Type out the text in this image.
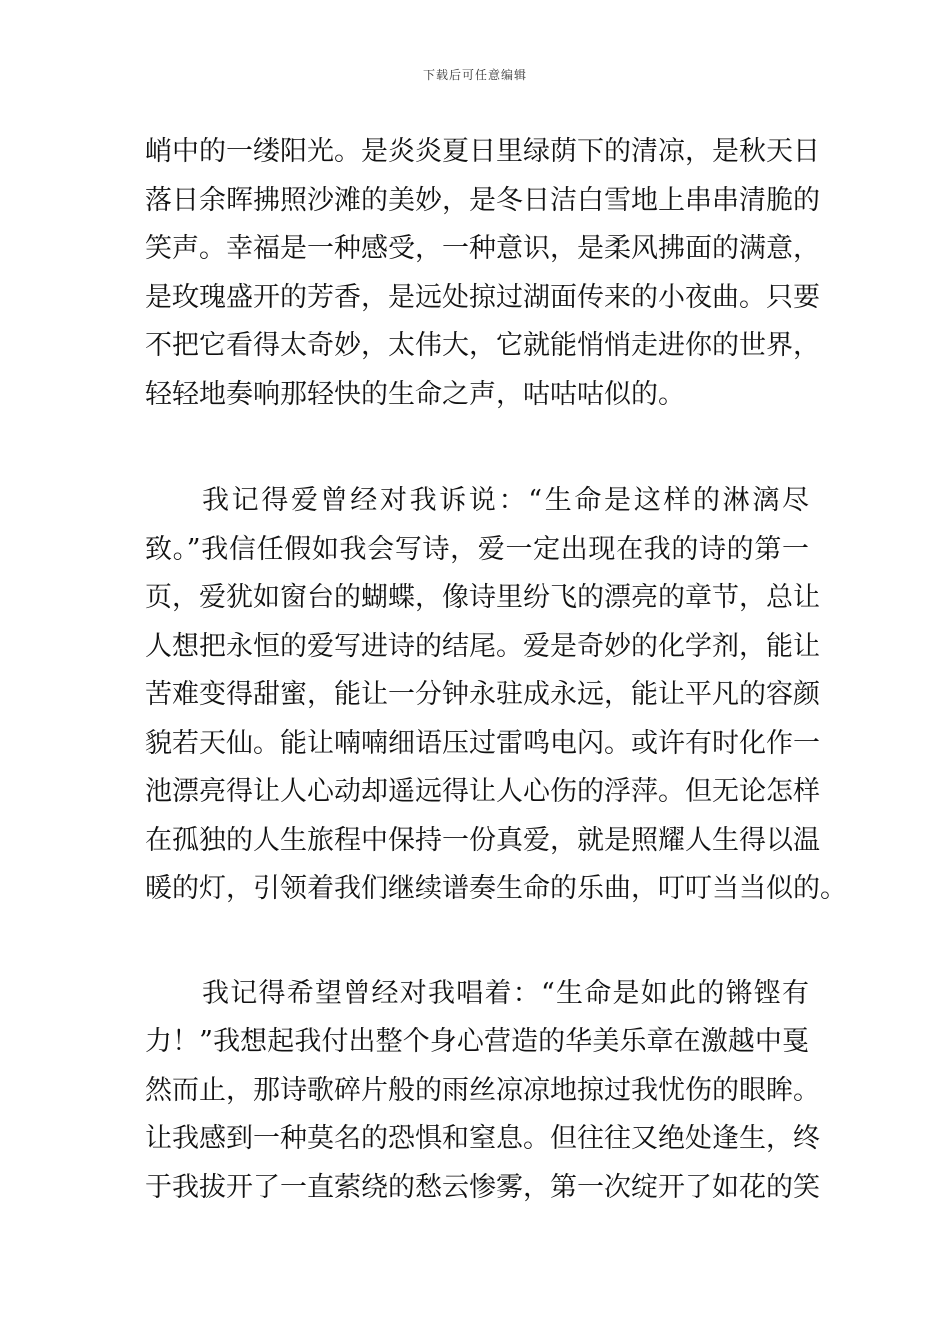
下载后可任意编辑
峭中的一缕阳光。是炎炎夏日里绿荫下的清凉，是秋天日
落日余晖拂照沙滩的美妙，是冬日洁白雪地上串串清脆的
笑声。幸福是一种感受，一种意识，是柔风拂面的满意，
是玫瑰盛开的芳香，是远处掠过湖面传来的小夜曲。只要
不把它看得太奇妙，太伟大，它就能悄悄走进你的世界，
轻轻地奏响那轻快的生命之声，咕咕咕似的。
我记得爱曾经对我诉说：“生命是这样的淋漓尽
致。”我信任假如我会写诗，爱一定出现在我的诗的第一
页，爱犹如窗台的蝴蝶，像诗里纷飞的漂亮的章节，总让
人想把永恒的爱写进诗的结尾。爱是奇妙的化学剂，能让
苦难变得甜蜜，能让一分钟永驻成永远，能让平凡的容颜
貌若天仙。能让喃喃细语压过雷鸣电闪。或许有时化作一
池漂亮得让人心动却遥远得让人心伤的浮萍。但无论怎样
在孤独的人生旅程中保持一份真爱，就是照耀人生得以温
暖的灯，引领着我们继续谱奏生命的乐曲，叮叮当当似的。
我记得希望曾经对我唱着：“生命是如此的锵铿有
力！”我想起我付出整个身心营造的华美乐章在激越中戛
然而止，那诗歌碎片般的雨丝凉凉地掠过我忧伤的眼眸。
让我感到一种莫名的恐惧和窒息。但往往又绝处逢生，终
于我拔开了一直萦绕的愁云惨雾，第一次绽开了如花的笑
